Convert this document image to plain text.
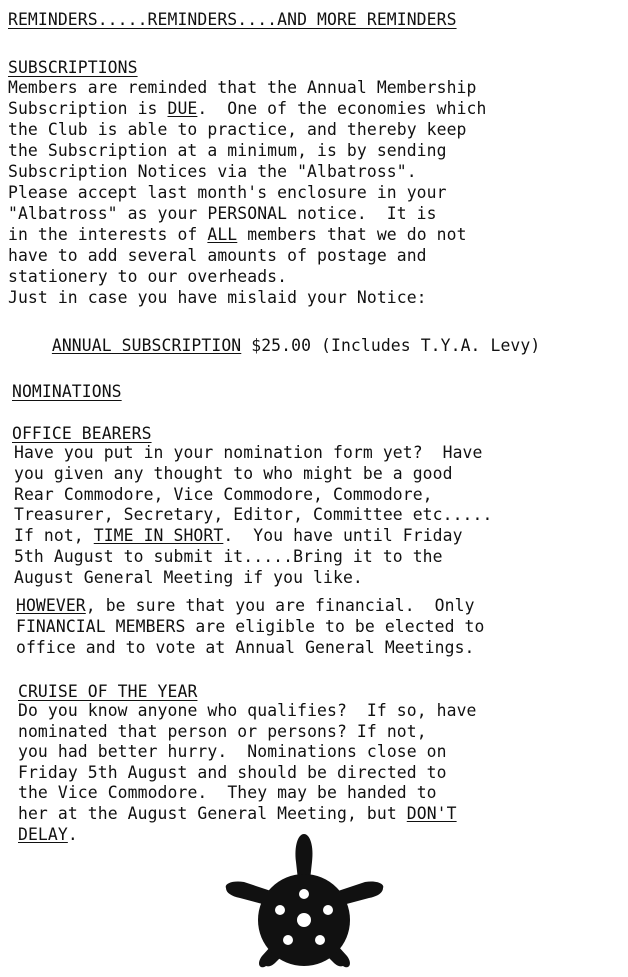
REMINDERS.....REMINDERS....AND MORE REMINDERS
SUBSCRIPTIONS
Members are reminded that the Annual Membership
Subscription is DUE.  One of the economies which
the Club is able to practice, and thereby keep
the Subscription at a minimum, is by sending
Subscription Notices via the "Albatross".
Please accept last month's enclosure in your
"Albatross" as your PERSONAL notice.  It is
in the interests of ALL members that we do not
have to add several amounts of postage and
stationery to our overheads.
Just in case you have mislaid your Notice:

ANNUAL SUBSCRIPTION $25.00 (Includes T.Y.A. Levy)

NOMINATIONS
OFFICE BEARERS
Have you put in your nomination form yet?  Have
you given any thought to who might be a good
Rear Commodore, Vice Commodore, Commodore,
Treasurer, Secretary, Editor, Committee etc.....
If not, TIME IN SHORT.  You have until Friday
5th August to submit it.....Bring it to the
August General Meeting if you like.
HOWEVER, be sure that you are financial.  Only
FINANCIAL MEMBERS are eligible to be elected to
office and to vote at Annual General Meetings.
CRUISE OF THE YEAR
Do you know anyone who qualifies?  If so, have
nominated that person or persons? If not,
you had better hurry.  Nominations close on
Friday 5th August and should be directed to
the Vice Commodore.  They may be handed to
her at the August General Meeting, but DON'T
DELAY.
